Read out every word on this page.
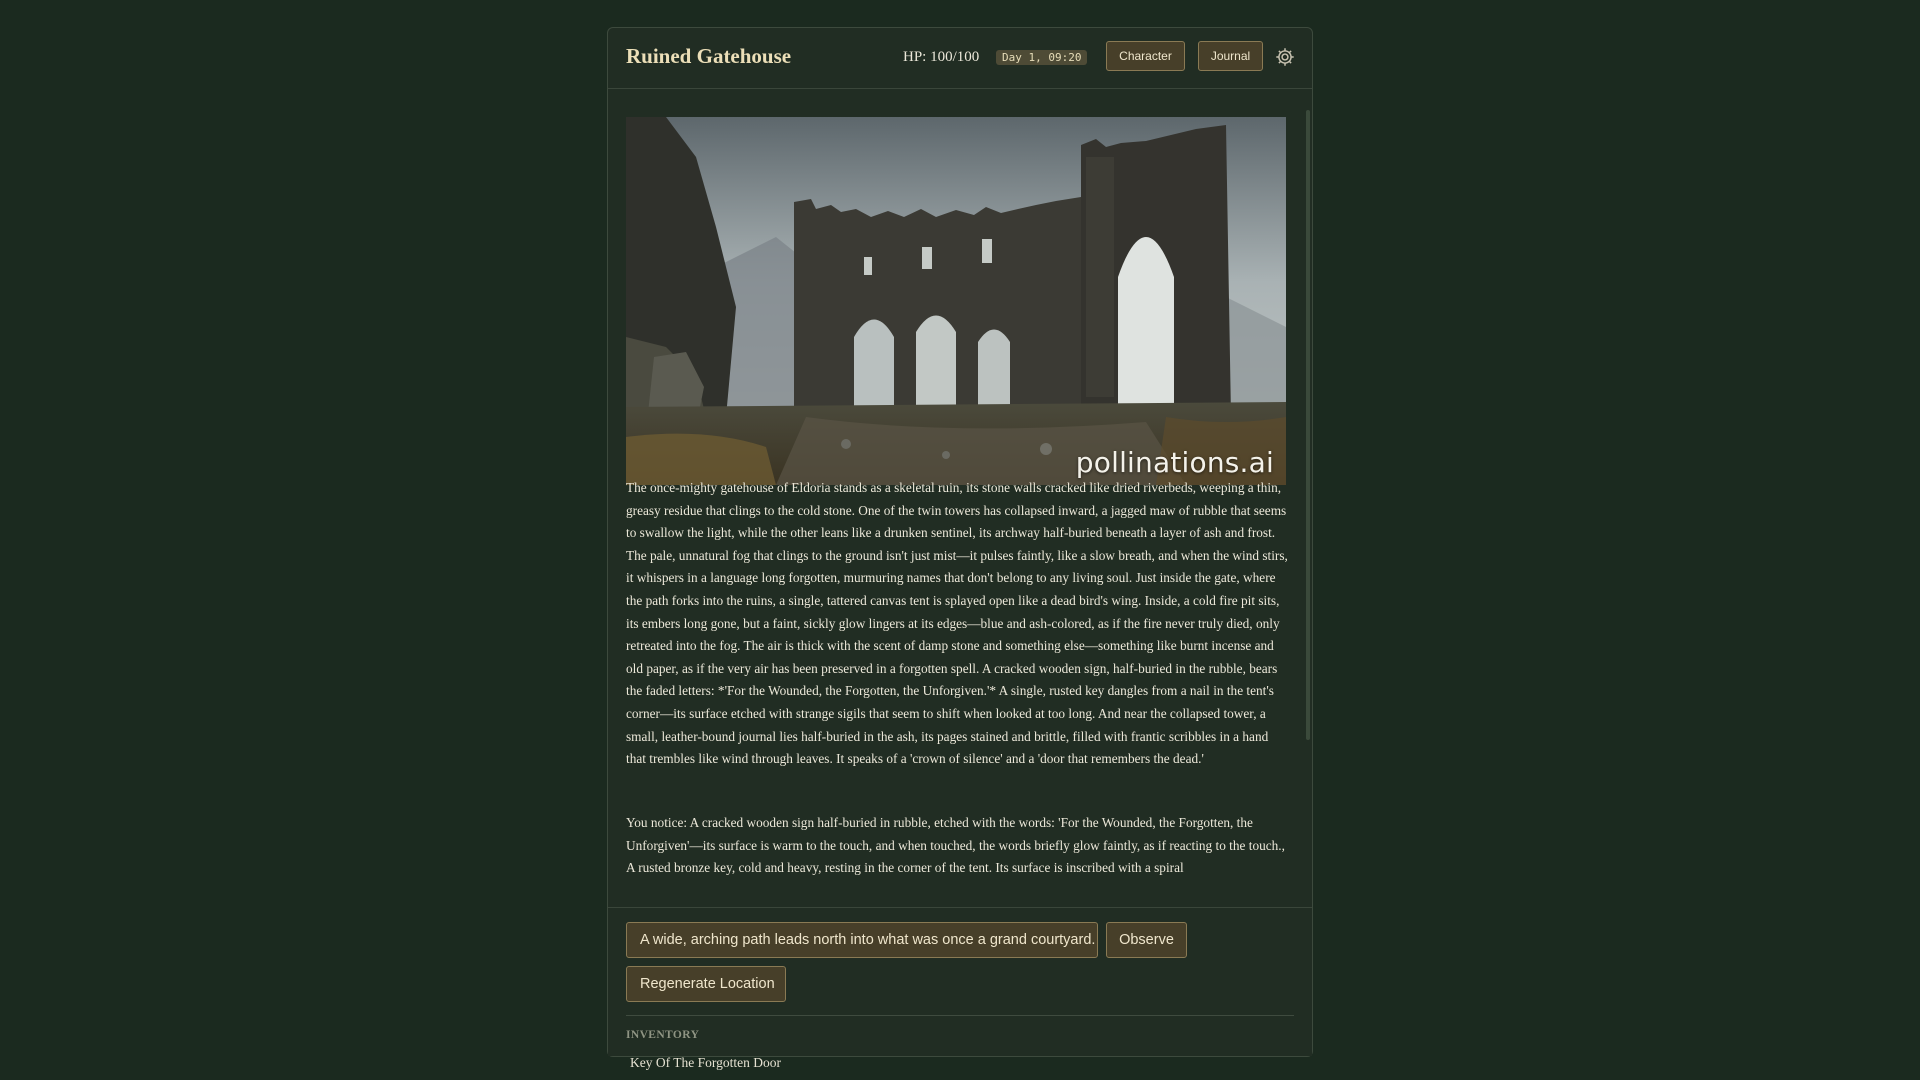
Ruined Gatehouse	HP: 100/100	Day 1, 09:20	Character	Journal
pollinations.ai
The once-mighty gatehouse of Eldoria stands as a skeletal ruin, its stone walls cracked like dried riverbeds, weeping a thin, greasy residue that clings to the cold stone. One of the twin towers has collapsed inward, a jagged maw of rubble that seems to swallow the light, while the other leans like a drunken sentinel, its archway half-buried beneath a layer of ash and frost. The pale, unnatural fog that clings to the ground isn't just mist—it pulses faintly, like a slow breath, and when the wind stirs, it whispers in a language long forgotten, murmuring names that don't belong to any living soul. Just inside the gate, where the path forks into the ruins, a single, tattered canvas tent is splayed open like a dead bird's wing. Inside, a cold fire pit sits, its embers long gone, but a faint, sickly glow lingers at its edges—blue and ash-colored, as if the fire never truly died, only retreated into the fog. The air is thick with the scent of damp stone and something else—something like burnt incense and old paper, as if the very air has been preserved in a forgotten spell. A cracked wooden sign, half-buried in the rubble, bears the faded letters: *'For the Wounded, the Forgotten, the Unforgiven.'* A single, rusted key dangles from a nail in the tent's corner—its surface etched with strange sigils that seem to shift when looked at too long. And near the collapsed tower, a small, leather-bound journal lies half-buried in the ash, its pages stained and brittle, filled with frantic scribbles in a hand that trembles like wind through leaves. It speaks of a 'crown of silence' and a 'door that remembers the dead.'
You notice: A cracked wooden sign half-buried in rubble, etched with the words: 'For the Wounded, the Forgotten, the Unforgiven'—its surface is warm to the touch, and when touched, the words briefly glow faintly, as if reacting to the touch., A rusted bronze key, cold and heavy, resting in the corner of the tent. Its surface is inscribed with a spiral
A wide, arching path leads north into what was once a grand courtyard.	Observe
Regenerate Location
INVENTORY
Key Of The Forgotten Door
